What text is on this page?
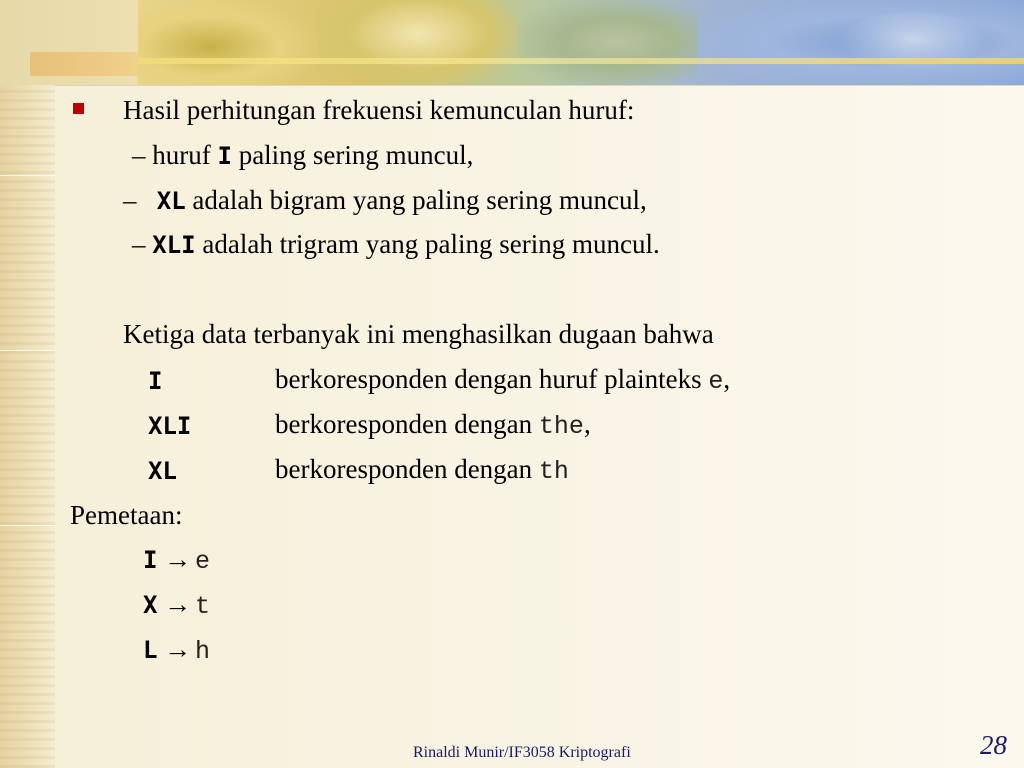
Hasil perhitungan frekuensi kemunculan huruf:
– huruf I paling sering muncul,
– XL adalah bigram yang paling sering muncul,
– XLI adalah trigram yang paling sering muncul.
Ketiga data terbanyak ini menghasilkan dugaan bahwa
I	berkoresponden dengan huruf plainteks e,
XLI	berkoresponden dengan the,
XL	berkoresponden dengan th
Pemetaan:
I → e
X → t
L → h
Rinaldi Munir/IF3058 Kriptografi	28
